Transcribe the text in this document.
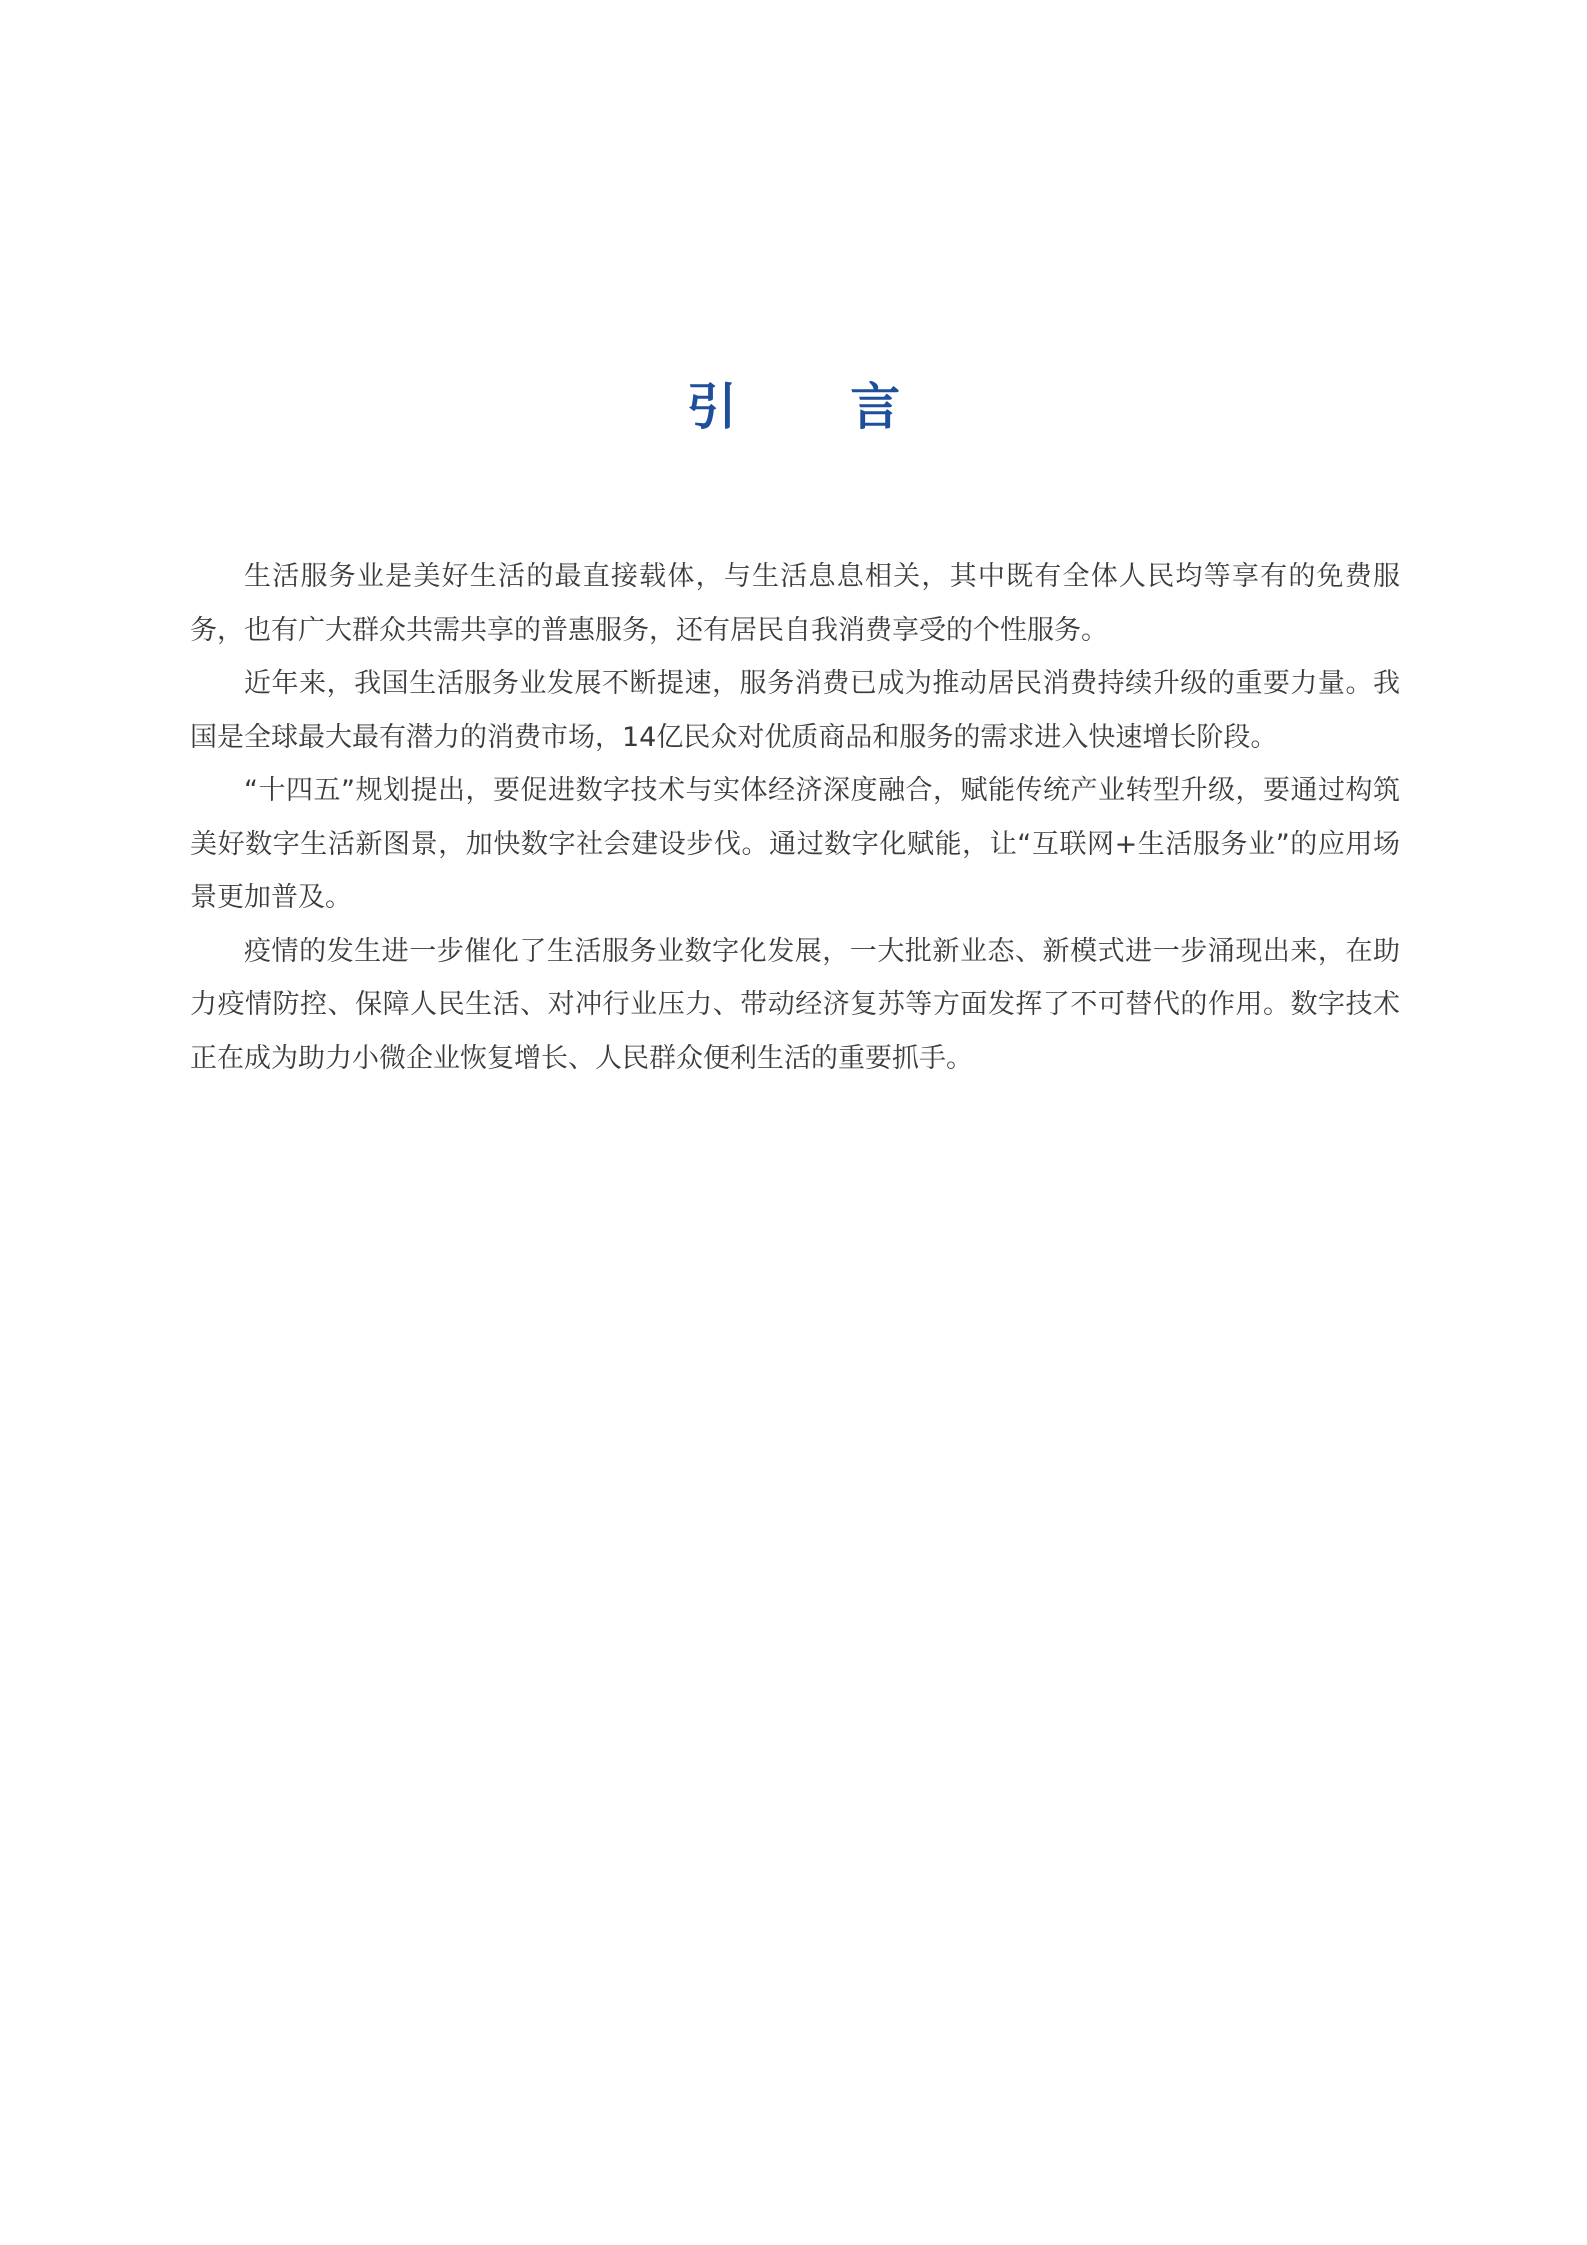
引 言

生活服务业是美好生活的最直接载体，与生活息息相关，其中既有全体人民均等享有的免费服务，也有广大群众共需共享的普惠服务，还有居民自我消费享受的个性服务。

近年来，我国生活服务业发展不断提速，服务消费已成为推动居民消费持续升级的重要力量。我国是全球最大最有潜力的消费市场，14亿民众对优质商品和服务的需求进入快速增长阶段。

“十四五”规划提出，要促进数字技术与实体经济深度融合，赋能传统产业转型升级，要通过构筑美好数字生活新图景，加快数字社会建设步伐。通过数字化赋能，让“互联网+生活服务业”的应用场景更加普及。

疫情的发生进一步催化了生活服务业数字化发展，一大批新业态、新模式进一步涌现出来，在助力疫情防控、保障人民生活、对冲行业压力、带动经济复苏等方面发挥了不可替代的作用。数字技术正在成为助力小微企业恢复增长、人民群众便利生活的重要抓手。
